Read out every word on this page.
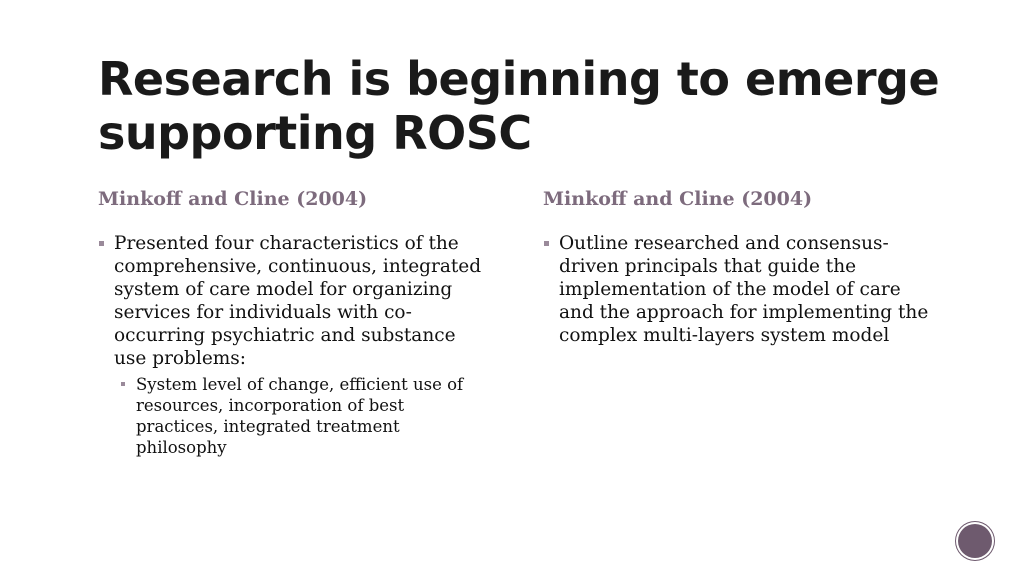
Research is beginning to emerge supporting ROSC
Minkoff and Cline (2004)
Presented four characteristics of the comprehensive, continuous, integrated system of care model for organizing services for individuals with co-occurring psychiatric and substance use problems:
System level of change, efficient use of resources, incorporation of best practices, integrated treatment philosophy
Minkoff and Cline (2004)
Outline researched and consensus- driven principals that guide the implementation of the model of care and the approach for implementing the complex multi-layers system model
